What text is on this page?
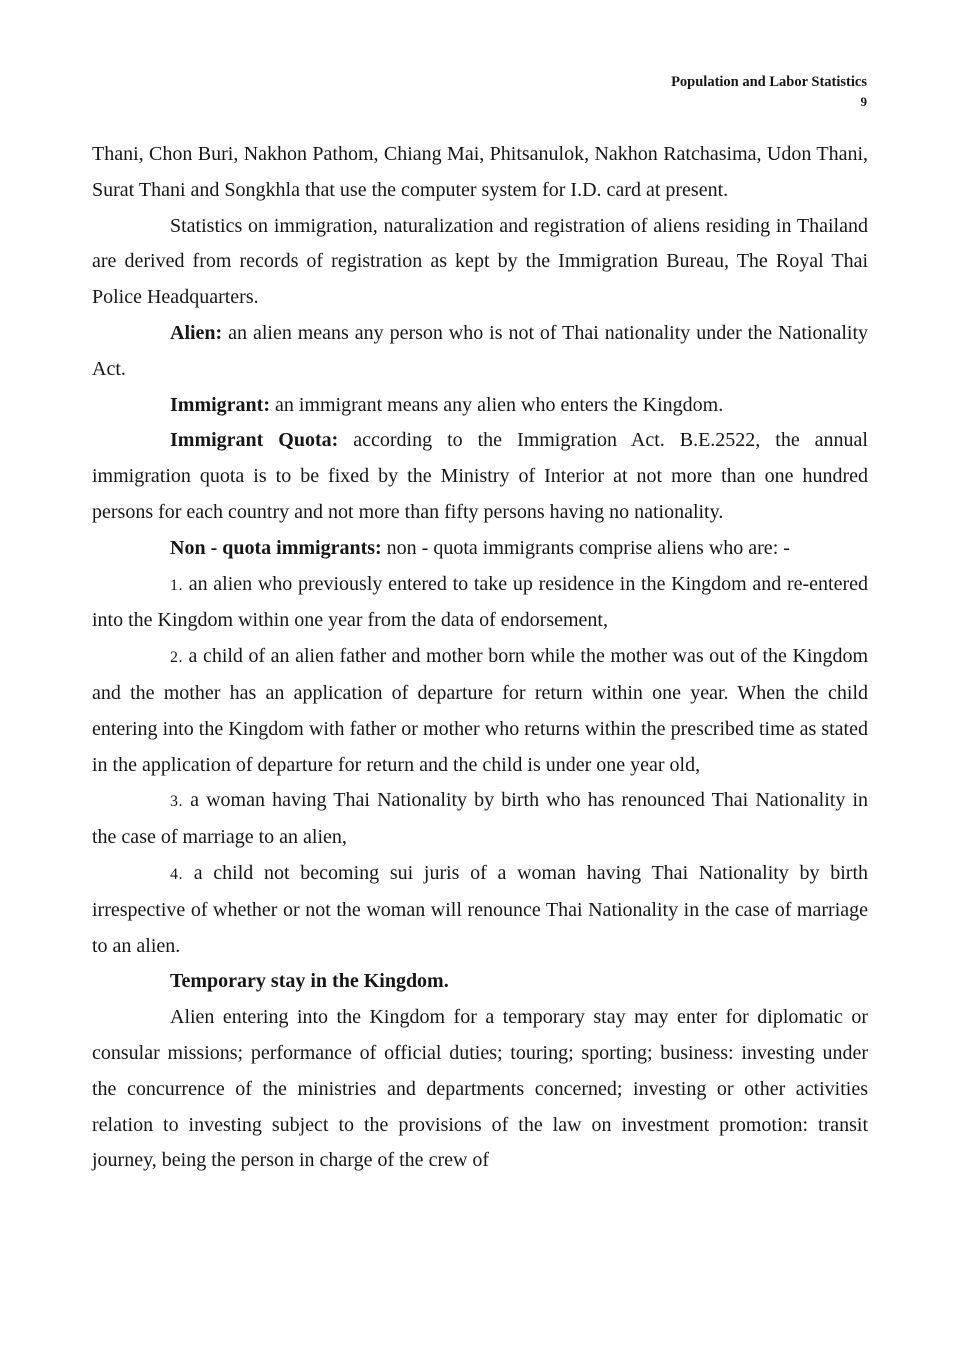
Population and Labor Statistics
9

Thani, Chon Buri, Nakhon Pathom, Chiang Mai, Phitsanulok, Nakhon Ratchasima, Udon Thani, Surat Thani and Songkhla that use the computer system for I.D. card at present.

Statistics on immigration, naturalization and registration of aliens residing in Thailand are derived from records of registration as kept by the Immigration Bureau, The Royal Thai Police Headquarters.

Alien: an alien means any person who is not of Thai nationality under the Nationality Act.

Immigrant: an immigrant means any alien who enters the Kingdom.

Immigrant Quota: according to the Immigration Act. B.E.2522, the annual immigration quota is to be fixed by the Ministry of Interior at not more than one hundred persons for each country and not more than fifty persons having no nationality.

Non - quota immigrants: non - quota immigrants comprise aliens who are: -

1. an alien who previously entered to take up residence in the Kingdom and re-entered into the Kingdom within one year from the data of endorsement,

2. a child of an alien father and mother born while the mother was out of the Kingdom and the mother has an application of departure for return within one year. When the child entering into the Kingdom with father or mother who returns within the prescribed time as stated in the application of departure for return and the child is under one year old,

3. a woman having Thai Nationality by birth who has renounced Thai Nationality in the case of marriage to an alien,

4. a child not becoming sui juris of a woman having Thai Nationality by birth irrespective of whether or not the woman will renounce Thai Nationality in the case of marriage to an alien.

Temporary stay in the Kingdom.

Alien entering into the Kingdom for a temporary stay may enter for diplomatic or consular missions; performance of official duties; touring; sporting; business: investing under the concurrence of the ministries and departments concerned; investing or other activities relation to investing subject to the provisions of the law on investment promotion: transit journey, being the person in charge of the crew of
